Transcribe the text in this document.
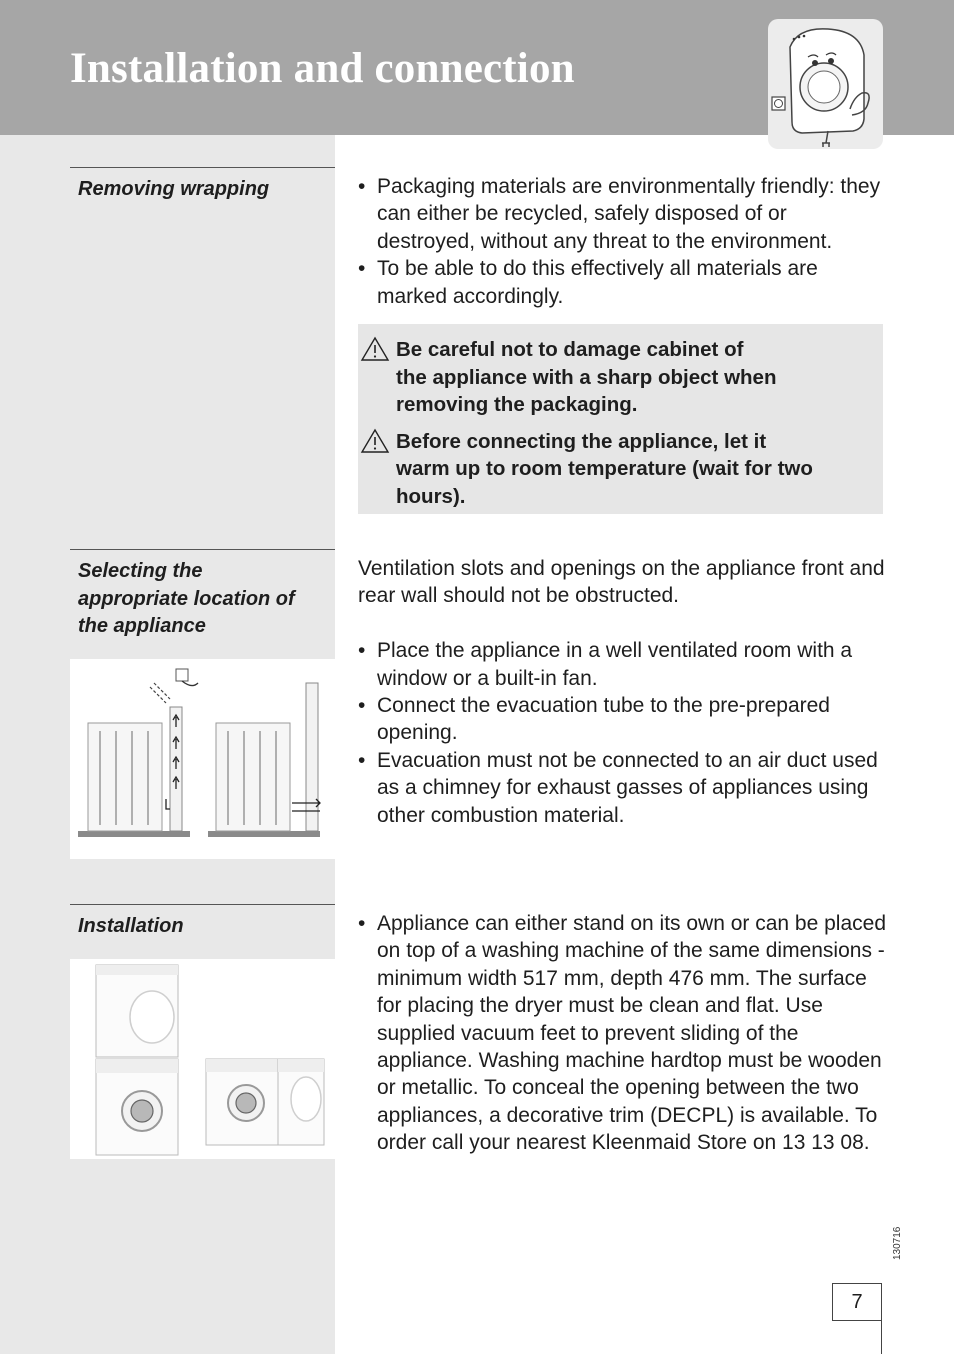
Installation and connection
Removing wrapping	• Packaging materials are environmentally friendly: they can either be recycled, safely disposed of or destroyed, without any threat to the environment.
• To be able to do this effectively all materials are marked accordingly.
Be careful not to damage cabinet of
the appliance with a sharp object when
removing the packaging.
Before connecting the appliance, let it
warm up to room temperature (wait for two
hours).
Selecting the
appropriate location of
the appliance

Ventilation slots and openings on the appliance front and rear wall should not be obstructed.

• Place the appliance in a well ventilated room with a window or a built-in fan.
• Connect the evacuation tube to the pre-prepared opening.
• Evacuation must not be connected to an air duct used as a chimney for exhaust gasses of appliances using other combustion material.
Installation	• Appliance can either stand on its own or can be placed on top of a washing machine of the same dimensions - minimum width 517 mm, depth 476 mm. The surface for placing the dryer must be clean and flat. Use supplied vacuum feet to prevent sliding of the appliance. Washing machine hardtop must be wooden or metallic. To conceal the opening between the two appliances, a decorative trim (DECPL) is available. To order call your nearest Kleenmaid Store on 13 13 08.
130716
7
